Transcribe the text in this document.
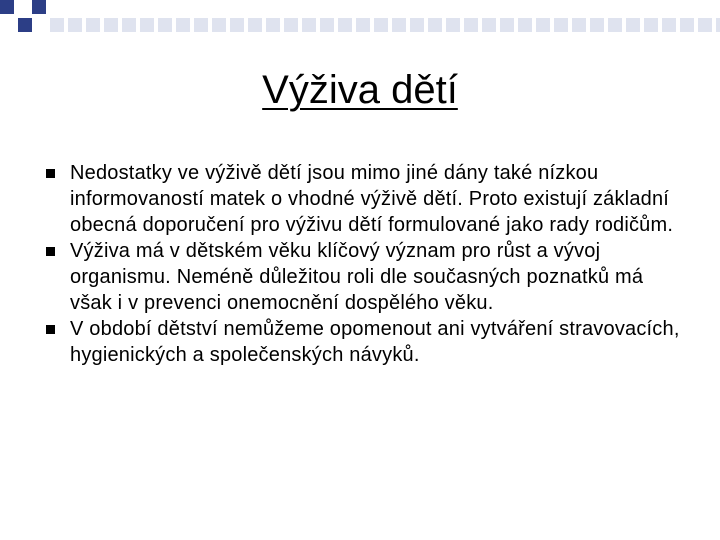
Výživa dětí
Nedostatky ve výživě dětí jsou mimo jiné dány také nízkou informovaností matek o vhodné výživě dětí. Proto existují základní obecná doporučení pro výživu dětí formulované jako rady rodičům.
Výživa má v dětském věku klíčový význam pro růst a vývoj organismu. Neméně důležitou roli dle současných poznatků má však i v prevenci onemocnění dospělého věku.
V období dětství nemůžeme opomenout ani vytváření stravovacích, hygienických a společenských návyků.
